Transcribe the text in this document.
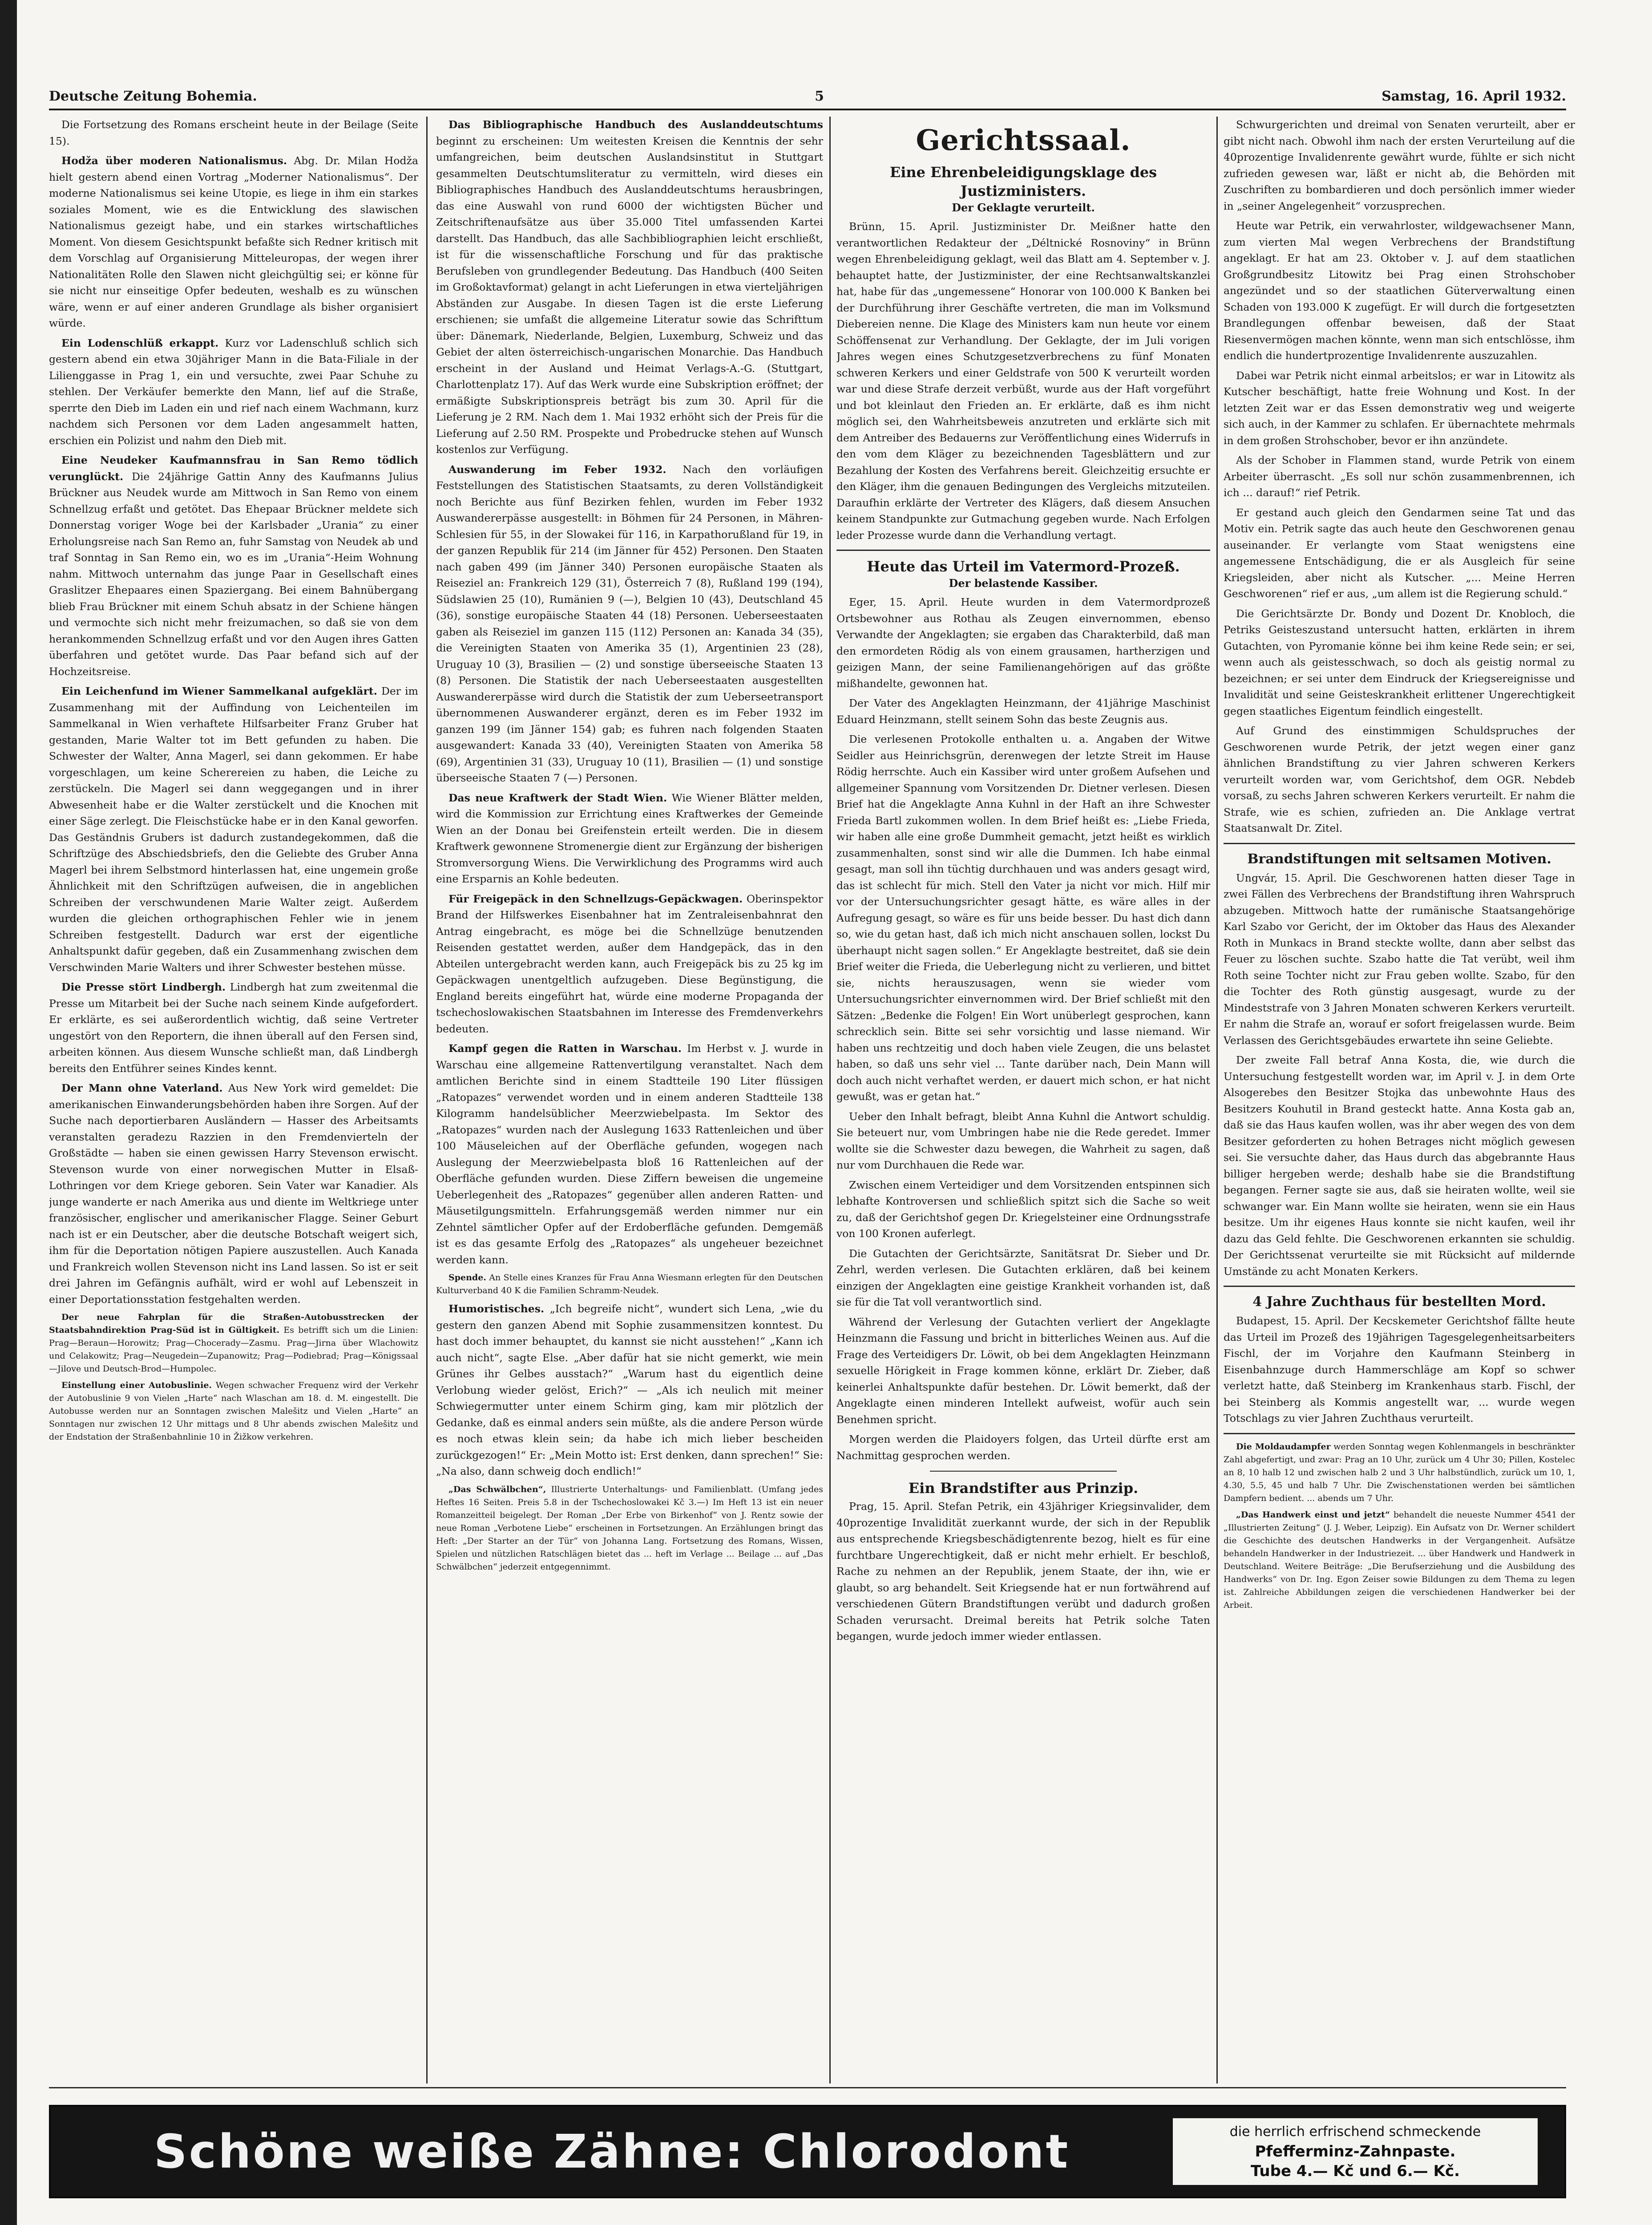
Deutsche Zeitung Bohemia.	5	Samstag, 16. April 1932.

Die Fortsetzung des Romans erscheint heute in der Beilage (Seite 15).

Hodža über moderen Nationalismus. Abg. Dr. Milan Hodža hielt gestern abend einen Vortrag „Moderner Nationalismus“. Der moderne Nationalismus sei keine Utopie, es liege in ihm ein starkes soziales Moment, wie es die Entwicklung des slawischen Nationalismus gezeigt habe, und ein starkes wirtschaftliches Moment. Von diesem Gesichtspunkt befaßte sich Redner kritisch mit dem Vorschlag auf Organisierung Mitteleuropas, der wegen ihrer Nationalitäten Rolle den Slawen nicht gleichgültig sei; er könne für sie nicht nur einseitige Opfer bedeuten, weshalb es zu wünschen wäre, wenn er auf einer anderen Grundlage als bisher organisiert würde.

Ein Lodenschlüß erkappt. Kurz vor Ladenschluß schlich sich gestern abend ein etwa 30jähriger Mann in die Bata-Filiale in der Lilienggasse in Prag 1, ein und versuchte, zwei Paar Schuhe zu stehlen. Der Verkäufer bemerkte den Mann, lief auf die Straße, sperrte den Dieb im Laden ein und rief nach einem Wachmann, kurz nachdem sich Personen vor dem Laden angesammelt hatten, erschien ein Polizist und nahm den Dieb mit.

Eine Neudeker Kaufmannsfrau in San Remo tödlich verunglückt. Die 24jährige Gattin Anny des Kaufmanns Julius Brückner aus Neudek wurde am Mittwoch in San Remo von einem Schnellzug erfaßt und getötet. Das Ehepaar Brückner meldete sich Donnerstag voriger Woge bei der Karlsbader „Urania“ zu einer Erholungsreise nach San Remo an, fuhr Samstag von Neudek ab und traf Sonntag in San Remo ein, wo es im „Urania“-Heim Wohnung nahm. Mittwoch unternahm das junge Paar in Gesellschaft eines Graslitzer Ehepaares einen Spaziergang. Bei einem Bahnübergang blieb Frau Brückner mit einem Schuh absatz in der Schiene hängen und vermochte sich nicht mehr freizumachen, so daß sie von dem herankommenden Schnellzug erfaßt und vor den Augen ihres Gatten überfahren und getötet wurde. Das Paar befand sich auf der Hochzeitsreise.

Ein Leichenfund im Wiener Sammelkanal aufgeklärt. Der im Zusammenhang mit der Auffindung von Leichenteilen im Sammelkanal in Wien verhaftete Hilfsarbeiter Franz Gruber hat gestanden, Marie Walter tot im Bett gefunden zu haben. Die Schwester der Walter, Anna Magerl, sei dann gekommen. Er habe vorgeschlagen, um keine Scherereien zu haben, die Leiche zu zerstückeln. Die Magerl sei dann weggegangen und in ihrer Abwesenheit habe er die Walter zerstückelt und die Knochen mit einer Säge zerlegt. Die Fleischstücke habe er in den Kanal geworfen. Das Geständnis Grubers ist dadurch zustandegekommen, daß die Schriftzüge des Abschiedsbriefs, den die Geliebte des Gruber Anna Magerl bei ihrem Selbstmord hinterlassen hat, eine ungemein große Ähnlichkeit mit den Schriftzügen aufweisen, die in angeblichen Schreiben der verschwundenen Marie Walter zeigt. Außerdem wurden die gleichen orthographischen Fehler wie in jenem Schreiben festgestellt. Dadurch war erst der eigentliche Anhaltspunkt dafür gegeben, daß ein Zusammenhang zwischen dem Verschwinden Marie Walters und ihrer Schwester bestehen müsse.

Die Presse stört Lindbergh. Lindbergh hat zum zweitenmal die Presse um Mitarbeit bei der Suche nach seinem Kinde aufgefordert. Er erklärte, es sei außerordentlich wichtig, daß seine Vertreter ungestört von den Reportern, die ihnen überall auf den Fersen sind, arbeiten können. Aus diesem Wunsche schließt man, daß Lindbergh bereits den Entführer seines Kindes kennt.

Der Mann ohne Vaterland. Aus New York wird gemeldet: Die amerikanischen Einwanderungsbehörden haben ihre Sorgen. Auf der Suche nach deportierbaren Ausländern — Hasser des Arbeitsamts veranstalten geradezu Razzien in den Fremdenvierteln der Großstädte — haben sie einen gewissen Harry Stevenson erwischt. Stevenson wurde von einer norwegischen Mutter in Elsaß-Lothringen vor dem Kriege geboren. Sein Vater war Kanadier. Als junge wanderte er nach Amerika aus und diente im Weltkriege unter französischer, englischer und amerikanischer Flagge. Seiner Geburt nach ist er ein Deutscher, aber die deutsche Botschaft weigert sich, ihm für die Deportation nötigen Papiere auszustellen. Auch Kanada und Frankreich wollen Stevenson nicht ins Land lassen. So ist er seit drei Jahren im Gefängnis aufhält, wird er wohl auf Lebenszeit in einer Deportationsstation festgehalten werden.

Der neue Fahrplan für die Straßen-Autobusstrecken der Staatsbahndirektion Prag-Süd ist in Gültigkeit. Es betrifft sich um die Linien: Prag—Beraun—Horowitz; Prag—Chocerady—Zasmu. Prag—Jirna über Wlachowitz und Celakowitz; Prag—Neugedein—Zupanowitz; Prag—Podiebrad; Prag—Königssaal—Jilove und Deutsch-Brod—Humpolec.

Einstellung einer Autobuslinie. Wegen schwacher Frequenz wird der Verkehr der Autobuslinie 9 von Vielen „Harte“ nach Wlaschan am 18. d. M. eingestellt. Die Autobusse werden nur an Sonntagen zwischen Malešitz und Vielen „Harte“ an Sonntagen nur zwischen 12 Uhr mittags und 8 Uhr abends zwischen Malešitz und der Endstation der Straßenbahnlinie 10 in Žižkow verkehren.

Das Bibliographische Handbuch des Auslanddeutschtums beginnt zu erscheinen: Um weitesten Kreisen die Kenntnis der sehr umfangreichen, beim deutschen Auslandsinstitut in Stuttgart gesammelten Deutschtumsliteratur zu vermitteln, wird dieses ein Bibliographisches Handbuch des Auslanddeutschtums herausbringen, das eine Auswahl von rund 6000 der wichtigsten Bücher und Zeitschriftenaufsätze aus über 35.000 Titel umfassenden Kartei darstellt. Das Handbuch, das alle Sachbibliographien leicht erschließt, ist für die wissenschaftliche Forschung und für das praktische Berufsleben von grundlegender Bedeutung. Das Handbuch (400 Seiten im Großoktavformat) gelangt in acht Lieferungen in etwa vierteljährigen Abständen zur Ausgabe. In diesen Tagen ist die erste Lieferung erschienen; sie umfaßt die allgemeine Literatur sowie das Schrifttum über: Dänemark, Niederlande, Belgien, Luxemburg, Schweiz und das Gebiet der alten österreichisch-ungarischen Monarchie. Das Handbuch erscheint in der Ausland und Heimat Verlags-A.-G. (Stuttgart, Charlottenplatz 17). Auf das Werk wurde eine Subskription eröffnet; der ermäßigte Subskriptionspreis beträgt bis zum 30. April für die Lieferung je 2 RM. Nach dem 1. Mai 1932 erhöht sich der Preis für die Lieferung auf 2.50 RM. Prospekte und Probedrucke stehen auf Wunsch kostenlos zur Verfügung.

Auswanderung im Feber 1932. Nach den vorläufigen Feststellungen des Statistischen Staatsamts, zu deren Vollständigkeit noch Berichte aus fünf Bezirken fehlen, wurden im Feber 1932 Auswandererpässe ausgestellt: in Böhmen für 24 Personen, in Mähren-Schlesien für 55, in der Slowakei für 116, in Karpathorußland für 19, in der ganzen Republik für 214 (im Jänner für 452) Personen. Den Staaten nach gaben 499 (im Jänner 340) Personen europäische Staaten als Reiseziel an: Frankreich 129 (31), Österreich 7 (8), Rußland 199 (194), Südslawien 25 (10), Rumänien 9 (—), Belgien 10 (43), Deutschland 45 (36), sonstige europäische Staaten 44 (18) Personen. Ueberseestaaten gaben als Reiseziel im ganzen 115 (112) Personen an: Kanada 34 (35), die Vereinigten Staaten von Amerika 35 (1), Argentinien 23 (28), Uruguay 10 (3), Brasilien — (2) und sonstige überseeische Staaten 13 (8) Personen. Die Statistik der nach Ueberseestaaten ausgestellten Auswandererpässe wird durch die Statistik der zum Ueberseetransport übernommenen Auswanderer ergänzt, deren es im Feber 1932 im ganzen 199 (im Jänner 154) gab; es fuhren nach folgenden Staaten ausgewandert: Kanada 33 (40), Vereinigten Staaten von Amerika 58 (69), Argentinien 31 (33), Uruguay 10 (11), Brasilien — (1) und sonstige überseeische Staaten 7 (—) Personen.

Das neue Kraftwerk der Stadt Wien. Wie Wiener Blätter melden, wird die Kommission zur Errichtung eines Kraftwerkes der Gemeinde Wien an der Donau bei Greifenstein erteilt werden. Die in diesem Kraftwerk gewonnene Stromenergie dient zur Ergänzung der bisherigen Stromversorgung Wiens. Die Verwirklichung des Programms wird auch eine Ersparnis an Kohle bedeuten.

Für Freigepäck in den Schnellzugs-Gepäckwagen. Oberinspektor Brand der Hilfswerkes Eisenbahner hat im Zentraleisenbahnrat den Antrag eingebracht, es möge bei die Schnellzüge benutzenden Reisenden gestattet werden, außer dem Handgepäck, das in den Abteilen untergebracht werden kann, auch Freigepäck bis zu 25 kg im Gepäckwagen unentgeltlich aufzugeben. Diese Begünstigung, die England bereits eingeführt hat, würde eine moderne Propaganda der tschechoslowakischen Staatsbahnen im Interesse des Fremdenverkehrs bedeuten.

Kampf gegen die Ratten in Warschau. Im Herbst v. J. wurde in Warschau eine allgemeine Rattenvertilgung veranstaltet. Nach dem amtlichen Berichte sind in einem Stadtteile 190 Liter flüssigen „Ratopazes“ verwendet worden und in einem anderen Stadtteile 138 Kilogramm handelsüblicher Meerzwiebelpasta. Im Sektor des „Ratopazes“ wurden nach der Auslegung 1633 Rattenleichen und über 100 Mäuseleichen auf der Oberfläche gefunden, wogegen nach Auslegung der Meerzwiebelpasta bloß 16 Rattenleichen auf der Oberfläche gefunden wurden. Diese Ziffern beweisen die ungemeine Ueberlegenheit des „Ratopazes“ gegenüber allen anderen Ratten- und Mäusetilgungsmitteln. Erfahrungsgemäß werden nimmer nur ein Zehntel sämtlicher Opfer auf der Erdoberfläche gefunden. Demgemäß ist es das gesamte Erfolg des „Ratopazes“ als ungeheuer bezeichnet werden kann.

Spende. An Stelle eines Kranzes für Frau Anna Wiesmann erlegten für den Deutschen Kulturverband 40 K die Familien Schramm-Neudek.

Humoristisches. „Ich begreife nicht“, wundert sich Lena, „wie du gestern den ganzen Abend mit Sophie zusammensitzen konntest. Du hast doch immer behauptet, du kannst sie nicht ausstehen!“ „Kann ich auch nicht“, sagte Else. „Aber dafür hat sie nicht gemerkt, wie mein Grünes ihr Gelbes ausstach?“ „Warum hast du eigentlich deine Verlobung wieder gelöst, Erich?“ — „Als ich neulich mit meiner Schwiegermutter unter einem Schirm ging, kam mir plötzlich der Gedanke, daß es einmal anders sein müßte, als die andere Person würde es noch etwas klein sein; da habe ich mich lieber bescheiden zurückgezogen!“ Er: „Mein Motto ist: Erst denken, dann sprechen!“ Sie: „Na also, dann schweig doch endlich!“

„Das Schwälbchen“, Illustrierte Unterhaltungs- und Familienblatt. (Umfang jedes Heftes 16 Seiten. Preis 5.8 in der Tschechoslowakei Kč 3.—) Im Heft 13 ist ein neuer Romanzeitteil beigelegt. Der Roman „Der Erbe von Birkenhof“ von J. Rentz sowie der neue Roman „Verbotene Liebe“ erscheinen in Fortsetzungen. An Erzählungen bringt das Heft: „Der Starter an der Tür“ von Johanna Lang. Fortsetzung des Romans, Wissen, Spielen und nützlichen Ratschlägen bietet das ... heft im Verlage ... Beilage ... auf „Das Schwälbchen“ jederzeit entgegennimmt.

Gerichtssaal.
Eine Ehrenbeleidigungsklage des Justizministers.
Der Geklagte verurteilt.

Brünn, 15. April. Justizminister Dr. Meißner hatte den verantwortlichen Redakteur der „Déltnické Rosnoviny“ in Brünn wegen Ehrenbeleidigung geklagt, weil das Blatt am 4. September v. J. behauptet hatte, der Justizminister, der eine Rechtsanwaltskanzlei hat, habe für das „ungemessene“ Honorar von 100.000 K Banken bei der Durchführung ihrer Geschäfte vertreten, die man im Volksmund Diebereien nenne. Die Klage des Ministers kam nun heute vor einem Schöffensenat zur Verhandlung. Der Geklagte, der im Juli vorigen Jahres wegen eines Schutzgesetzverbrechens zu fünf Monaten schweren Kerkers und einer Geldstrafe von 500 K verurteilt worden war und diese Strafe derzeit verbüßt, wurde aus der Haft vorgeführt und bot kleinlaut den Frieden an. Er erklärte, daß es ihm nicht möglich sei, den Wahrheitsbeweis anzutreten und erklärte sich mit dem Antreiber des Bedauerns zur Veröffentlichung eines Widerrufs in den vom dem Kläger zu bezeichnenden Tagesblättern und zur Bezahlung der Kosten des Verfahrens bereit. Gleichzeitig ersuchte er den Kläger, ihm die genauen Bedingungen des Vergleichs mitzuteilen. Daraufhin erklärte der Vertreter des Klägers, daß diesem Ansuchen keinem Standpunkte zur Gutmachung gegeben wurde. Nach Erfolgen leder Prozesse wurde dann die Verhandlung vertagt.

Heute das Urteil im Vatermord-Prozeß.
Der belastende Kassiber.

Eger, 15. April. Heute wurden in dem Vatermordprozeß Ortsbewohner aus Rothau als Zeugen einvernommen, ebenso Verwandte der Angeklagten; sie ergaben das Charakterbild, daß man den ermordeten Rödig als von einem grausamen, hartherzigen und geizigen Mann, der seine Familienangehörigen auf das größte mißhandelte, gewonnen hat.

Der Vater des Angeklagten Heinzmann, der 41jährige Maschinist Eduard Heinzmann, stellt seinem Sohn das beste Zeugnis aus.

Die verlesenen Protokolle enthalten u. a. Angaben der Witwe Seidler aus Heinrichsgrün, derenwegen der letzte Streit im Hause Rödig herrschte. Auch ein Kassiber wird unter großem Aufsehen und allgemeiner Spannung vom Vorsitzenden Dr. Dietner verlesen. Diesen Brief hat die Angeklagte Anna Kuhnl in der Haft an ihre Schwester Frieda Bartl zukommen wollen. In dem Brief heißt es: „Liebe Frieda, wir haben alle eine große Dummheit gemacht, jetzt heißt es wirklich zusammenhalten, sonst sind wir alle die Dummen. Ich habe einmal gesagt, man soll ihn tüchtig durchhauen und was anders gesagt wird, das ist schlecht für mich. Stell den Vater ja nicht vor mich. Hilf mir vor der Untersuchungsrichter gesagt hätte, es wäre alles in der Aufregung gesagt, so wäre es für uns beide besser. Du hast dich dann so, wie du getan hast, daß ich mich nicht anschauen sollen, lockst Du überhaupt nicht sagen sollen.“ Er Angeklagte bestreitet, daß sie dein Brief weiter die Frieda, die Ueberlegung nicht zu verlieren, und bittet sie, nichts herauszusagen, wenn sie wieder vom Untersuchungsrichter einvernommen wird. Der Brief schließt mit den Sätzen: „Bedenke die Folgen! Ein Wort unüberlegt gesprochen, kann schrecklich sein. Bitte sei sehr vorsichtig und lasse niemand. Wir haben uns rechtzeitig und doch haben viele Zeugen, die uns belastet haben, so daß uns sehr viel ... Tante darüber nach, Dein Mann will doch auch nicht verhaftet werden, er dauert mich schon, er hat nicht gewußt, was er getan hat.“

Ueber den Inhalt befragt, bleibt Anna Kuhnl die Antwort schuldig. Sie beteuert nur, vom Umbringen habe nie die Rede geredet. Immer wollte sie die Schwester dazu bewegen, die Wahrheit zu sagen, daß nur vom Durchhauen die Rede war.

Zwischen einem Verteidiger und dem Vorsitzenden entspinnen sich lebhafte Kontroversen und schließlich spitzt sich die Sache so weit zu, daß der Gerichtshof gegen Dr. Kriegelsteiner eine Ordnungsstrafe von 100 Kronen auferlegt.

Die Gutachten der Gerichtsärzte, Sanitätsrat Dr. Sieber und Dr. Zehrl, werden verlesen. Die Gutachten erklären, daß bei keinem einzigen der Angeklagten eine geistige Krankheit vorhanden ist, daß sie für die Tat voll verantwortlich sind.

Während der Verlesung der Gutachten verliert der Angeklagte Heinzmann die Fassung und bricht in bitterliches Weinen aus. Auf die Frage des Verteidigers Dr. Löwit, ob bei dem Angeklagten Heinzmann sexuelle Hörigkeit in Frage kommen könne, erklärt Dr. Zieber, daß keinerlei Anhaltspunkte dafür bestehen. Dr. Löwit bemerkt, daß der Angeklagte einen minderen Intellekt aufweist, wofür auch sein Benehmen spricht.

Morgen werden die Plaidoyers folgen, das Urteil dürfte erst am Nachmittag gesprochen werden.

Ein Brandstifter aus Prinzip.

Prag, 15. April. Stefan Petrik, ein 43jähriger Kriegsinvalider, dem 40prozentige Invalidität zuerkannt wurde, der sich in der Republik aus entsprechende Kriegsbeschädigtenrente bezog, hielt es für eine furchtbare Ungerechtigkeit, daß er nicht mehr erhielt. Er beschloß, Rache zu nehmen an der Republik, jenem Staate, der ihn, wie er glaubt, so arg behandelt. Seit Kriegsende hat er nun fortwährend auf verschiedenen Gütern Brandstiftungen verübt und dadurch großen Schaden verursacht. Dreimal bereits hat Petrik solche Taten begangen, wurde jedoch immer wieder entlassen.

Schwurgerichten und dreimal von Senaten verurteilt, aber er gibt nicht nach. Obwohl ihm nach der ersten Verurteilung auf die 40prozentige Invalidenrente gewährt wurde, fühlte er sich nicht zufrieden gewesen war, läßt er nicht ab, die Behörden mit Zuschriften zu bombardieren und doch persönlich immer wieder in „seiner Angelegenheit“ vorzusprechen.

Heute war Petrik, ein verwahrloster, wildgewachsener Mann, zum vierten Mal wegen Verbrechens der Brandstiftung angeklagt. Er hat am 23. Oktober v. J. auf dem staatlichen Großgrundbesitz Litowitz bei Prag einen Strohschober angezündet und so der staatlichen Güterverwaltung einen Schaden von 193.000 K zugefügt. Er will durch die fortgesetzten Brandlegungen offenbar beweisen, daß der Staat Riesenvermögen machen könnte, wenn man sich entschlösse, ihm endlich die hundertprozentige Invalidenrente auszuzahlen.

Dabei war Petrik nicht einmal arbeitslos; er war in Litowitz als Kutscher beschäftigt, hatte freie Wohnung und Kost. In der letzten Zeit war er das Essen demonstrativ weg und weigerte sich auch, in der Kammer zu schlafen. Er übernachtete mehrmals in dem großen Strohschober, bevor er ihn anzündete.

Als der Schober in Flammen stand, wurde Petrik von einem Arbeiter überrascht. „Es soll nur schön zusammenbrennen, ich ich ... darauf!“ rief Petrik.

Er gestand auch gleich den Gendarmen seine Tat und das Motiv ein. Petrik sagte das auch heute den Geschworenen genau auseinander. Er verlangte vom Staat wenigstens eine angemessene Entschädigung, die er als Ausgleich für seine Kriegsleiden, aber nicht als Kutscher. „... Meine Herren Geschworenen“ rief er aus, „um allem ist die Regierung schuld.“

Die Gerichtsärzte Dr. Bondy und Dozent Dr. Knobloch, die Petriks Geisteszustand untersucht hatten, erklärten in ihrem Gutachten, von Pyromanie könne bei ihm keine Rede sein; er sei, wenn auch als geistesschwach, so doch als geistig normal zu bezeichnen; er sei unter dem Eindruck der Kriegsereignisse und Invalidität und seine Geisteskrankheit erlittener Ungerechtigkeit gegen staatliches Eigentum feindlich eingestellt.

Auf Grund des einstimmigen Schuldspruches der Geschworenen wurde Petrik, der jetzt wegen einer ganz ähnlichen Brandstiftung zu vier Jahren schweren Kerkers verurteilt worden war, vom Gerichtshof, dem OGR. Nebdeb vorsaß, zu sechs Jahren schweren Kerkers verurteilt. Er nahm die Strafe, wie es schien, zufrieden an. Die Anklage vertrat Staatsanwalt Dr. Zitel.

Brandstiftungen mit seltsamen Motiven.

Ungvár, 15. April. Die Geschworenen hatten dieser Tage in zwei Fällen des Verbrechens der Brandstiftung ihren Wahrspruch abzugeben. Mittwoch hatte der rumänische Staatsangehörige Karl Szabo vor Gericht, der im Oktober das Haus des Alexander Roth in Munkacs in Brand steckte wollte, dann aber selbst das Feuer zu löschen suchte. Szabo hatte die Tat verübt, weil ihm Roth seine Tochter nicht zur Frau geben wollte. Szabo, für den die Tochter des Roth günstig ausgesagt, wurde zu der Mindeststrafe von 3 Jahren Monaten schweren Kerkers verurteilt. Er nahm die Strafe an, worauf er sofort freigelassen wurde. Beim Verlassen des Gerichtsgebäudes erwartete ihn seine Geliebte.

Der zweite Fall betraf Anna Kosta, die, wie durch die Untersuchung festgestellt worden war, im April v. J. in dem Orte Alsogerebes den Besitzer Stojka das unbewohnte Haus des Besitzers Kouhutil in Brand gesteckt hatte. Anna Kosta gab an, daß sie das Haus kaufen wollen, was ihr aber wegen des von dem Besitzer geforderten zu hohen Betrages nicht möglich gewesen sei. Sie versuchte daher, das Haus durch das abgebrannte Haus billiger hergeben werde; deshalb habe sie die Brandstiftung begangen. Ferner sagte sie aus, daß sie heiraten wollte, weil sie schwanger war. Ein Mann wollte sie heiraten, wenn sie ein Haus besitze. Um ihr eigenes Haus konnte sie nicht kaufen, weil ihr dazu das Geld fehlte. Die Geschworenen erkannten sie schuldig. Der Gerichtssenat verurteilte sie mit Rücksicht auf mildernde Umstände zu acht Monaten Kerkers.

4 Jahre Zuchthaus für bestellten Mord.

Budapest, 15. April. Der Kecskemeter Gerichtshof fällte heute das Urteil im Prozeß des 19jährigen Tagesgelegenheitsarbeiters Fischl, der im Vorjahre den Kaufmann Steinberg in Eisenbahnzuge durch Hammerschläge am Kopf so schwer verletzt hatte, daß Steinberg im Krankenhaus starb. Fischl, der bei Steinberg als Kommis angestellt war, ... wurde wegen Totschlags zu vier Jahren Zuchthaus verurteilt.

Die Moldaudampfer werden Sonntag wegen Kohlenmangels in beschränkter Zahl abgefertigt, und zwar: Prag an 10 Uhr, zurück um 4 Uhr 30; Pillen, Kostelec an 8, 10 halb 12 und zwischen halb 2 und 3 Uhr halbstündlich, zurück um 10, 1, 4.30, 5.5, 45 und halb 7 Uhr. Die Zwischenstationen werden bei sämtlichen Dampfern bedient. ... abends um 7 Uhr.

„Das Handwerk einst und jetzt“ behandelt die neueste Nummer 4541 der „Illustrierten Zeitung“ (J. J. Weber, Leipzig). Ein Aufsatz von Dr. Werner schildert die Geschichte des deutschen Handwerks in der Vergangenheit. Aufsätze behandeln Handwerker in der Industriezeit. ... über Handwerk und Handwerk in Deutschland. Weitere Beiträge: „Die Berufserziehung und die Ausbildung des Handwerks“ von Dr. Ing. Egon Zeiser sowie Bildungen zu dem Thema zu legen ist. Zahlreiche Abbildungen zeigen die verschiedenen Handwerker bei der Arbeit.

Schöne weiße Zähne: Chlorodont	die herrlich erfrischend schmeckende
Pfefferminz-Zahnpaste.
Tube 4.— Kč und 6.— Kč.
